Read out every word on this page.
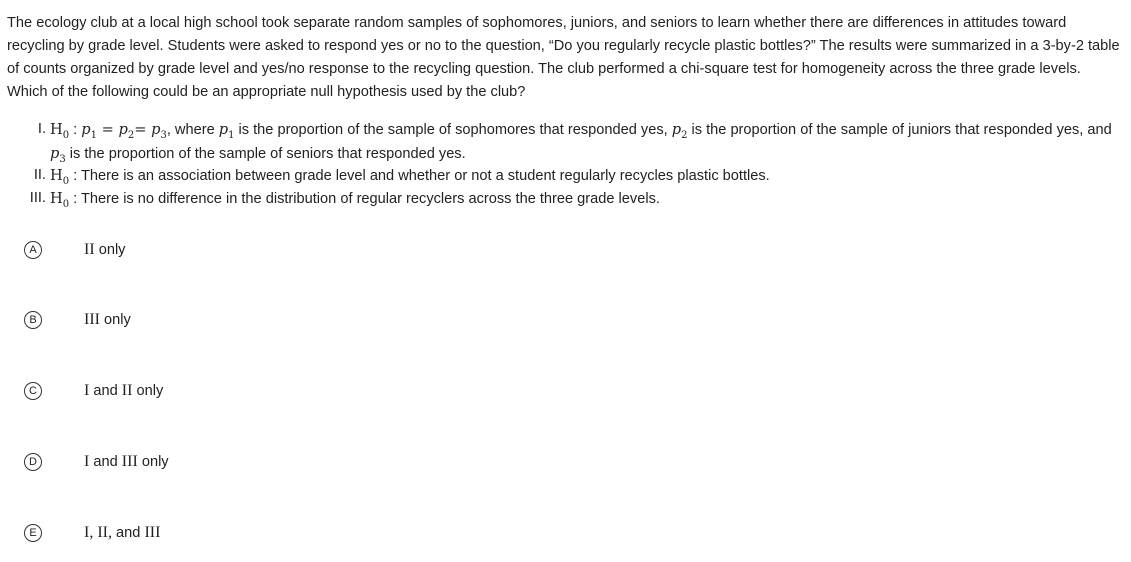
The ecology club at a local high school took separate random samples of sophomores, juniors, and seniors to learn whether there are differences in attitudes toward recycling by grade level. Students were asked to respond yes or no to the question, “Do you regularly recycle plastic bottles?” The results were summarized in a 3-by-2 table of counts organized by grade level and yes/no response to the recycling question. The club performed a chi-square test for homogeneity across the three grade levels. Which of the following could be an appropriate null hypothesis used by the club?

I. $H_0$ : $p_1 = p_2= p_3$, where $p_1$ is the proportion of the sample of sophomores that responded yes, $p_2$ is the proportion of the sample of juniors that responded yes, and $p_3$ is the proportion of the sample of seniors that responded yes.
II. $H_0$ : There is an association between grade level and whether or not a student regularly recycles plastic bottles.
III. $H_0$ : There is no difference in the distribution of regular recyclers across the three grade levels.
A	II only
B	III only
C	I and II only
D	I and III only
E	I, II, and III
